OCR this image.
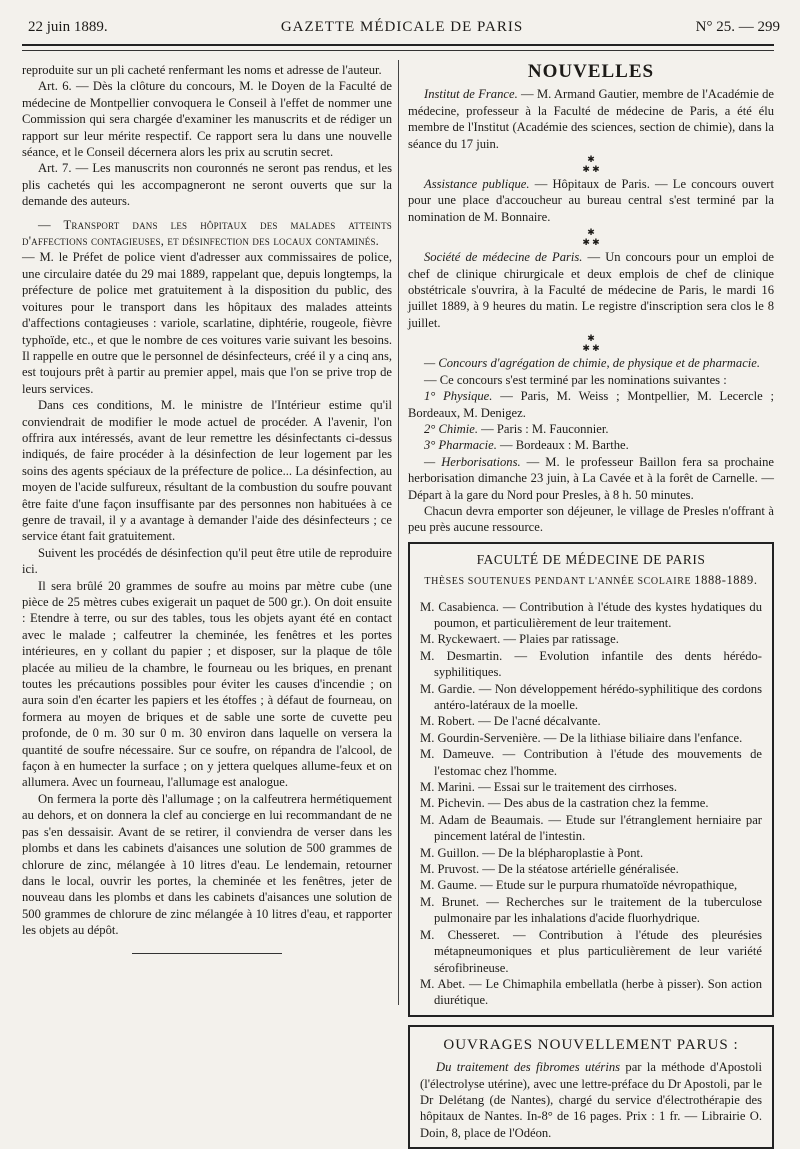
22 juin 1889.	GAZETTE MÉDICALE DE PARIS	N° 25. — 299

reproduite sur un pli cacheté renfermant les noms et adresse de l'auteur.

Art. 6. — Dès la clôture du concours, M. le Doyen de la Faculté de médecine de Montpellier convoquera le Conseil à l'effet de nommer une Commission qui sera chargée d'examiner les manuscrits et de rédiger un rapport sur leur mérite respectif. Ce rapport sera lu dans une nouvelle séance, et le Conseil décernera alors les prix au scrutin secret.

Art. 7. — Les manuscrits non couronnés ne seront pas rendus, et les plis cachetés qui les accompagneront ne seront ouverts que sur la demande des auteurs.

— Transport dans les hôpitaux des malades atteints d'affections contagieuses, et désinfection des locaux contaminés.

— M. le Préfet de police vient d'adresser aux commissaires de police, une circulaire datée du 29 mai 1889, rappelant que, depuis longtemps, la préfecture de police met gratuitement à la disposition du public, des voitures pour le transport dans les hôpitaux des malades atteints d'affections contagieuses : variole, scarlatine, diphtérie, rougeole, fièvre typhoïde, etc., et que le nombre de ces voitures varie suivant les besoins. Il rappelle en outre que le personnel de désinfecteurs, créé il y a cinq ans, est toujours prêt à partir au premier appel, mais que l'on se prive trop de leurs services.

Dans ces conditions, M. le ministre de l'Intérieur estime qu'il conviendrait de modifier le mode actuel de procéder. A l'avenir, l'on offrira aux intéressés, avant de leur remettre les désinfectants ci-dessus indiqués, de faire procéder à la désinfection de leur logement par les soins des agents spéciaux de la préfecture de police... La désinfection, au moyen de l'acide sulfureux, résultant de la combustion du soufre pouvant être faite d'une façon insuffisante par des personnes non habituées à ce genre de travail, il y a avantage à demander l'aide des désinfecteurs ; ce service étant fait gratuitement.

Suivent les procédés de désinfection qu'il peut être utile de reproduire ici.

Il sera brûlé 20 grammes de soufre au moins par mètre cube (une pièce de 25 mètres cubes exigerait un paquet de 500 gr.). On doit ensuite : Etendre à terre, ou sur des tables, tous les objets ayant été en contact avec le malade ; calfeutrer la cheminée, les fenêtres et les portes intérieures, en y collant du papier ; et disposer, sur la plaque de tôle placée au milieu de la chambre, le fourneau ou les briques, en prenant toutes les précautions possibles pour éviter les causes d'incendie ; on aura soin d'en écarter les papiers et les étoffes ; à défaut de fourneau, on formera au moyen de briques et de sable une sorte de cuvette peu profonde, de 0 m. 30 sur 0 m. 30 environ dans laquelle on versera la quantité de soufre nécessaire. Sur ce soufre, on répandra de l'alcool, de façon à en humecter la surface ; on y jettera quelques allume-feux et on allumera. Avec un fourneau, l'allumage est analogue.

On fermera la porte dès l'allumage ; on la calfeutrera hermétiquement au dehors, et on donnera la clef au concierge en lui recommandant de ne pas s'en dessaisir. Avant de se retirer, il conviendra de verser dans les plombs et dans les cabinets d'aisances une solution de 500 grammes de chlorure de zinc, mélangée à 10 litres d'eau. Le lendemain, retourner dans le local, ouvrir les portes, la cheminée et les fenêtres, jeter de nouveau dans les plombs et dans les cabinets d'aisances une solution de 500 grammes de chlorure de zinc mélangée à 10 litres d'eau, et rapporter les objets au dépôt.

NOUVELLES

Institut de France. — M. Armand Gautier, membre de l'Académie de médecine, professeur à la Faculté de médecine de Paris, a été élu membre de l'Institut (Académie des sciences, section de chimie), dans la séance du 17 juin.

✱
✱ ✱

Assistance publique. — Hôpitaux de Paris. — Le concours ouvert pour une place d'accoucheur au bureau central s'est terminé par la nomination de M. Bonnaire.

✱
✱ ✱

Société de médecine de Paris. — Un concours pour un emploi de chef de clinique chirurgicale et deux emplois de chef de clinique obstétricale s'ouvrira, à la Faculté de médecine de Paris, le mardi 16 juillet 1889, à 9 heures du matin. Le registre d'inscription sera clos le 8 juillet.

✱
✱ ✱

— Concours d'agrégation de chimie, de physique et de pharmacie.

— Ce concours s'est terminé par les nominations suivantes :

1° Physique. — Paris, M. Weiss ; Montpellier, M. Lecercle ; Bordeaux, M. Denigez.

2° Chimie. — Paris : M. Fauconnier.

3° Pharmacie. — Bordeaux : M. Barthe.

— Herborisations. — M. le professeur Baillon fera sa prochaine herborisation dimanche 23 juin, à La Cavée et à la forêt de Carnelle. — Départ à la gare du Nord pour Presles, à 8 h. 50 minutes.

Chacun devra emporter son déjeuner, le village de Presles n'offrant à peu près aucune ressource.

FACULTÉ DE MÉDECINE DE PARIS
THÈSES SOUTENUES PENDANT L'ANNÉE SCOLAIRE 1888-1889.

M. Casabienca. — Contribution à l'étude des kystes hydatiques du poumon, et particulièrement de leur traitement.

M. Ryckewaert. — Plaies par ratissage.

M. Desmartin. — Evolution infantile des dents hérédo-syphilitiques.

M. Gardie. — Non développement hérédo-syphilitique des cordons antéro-latéraux de la moelle.

M. Robert. — De l'acné décalvante.

M. Gourdin-Servenière. — De la lithiase biliaire dans l'enfance.

M. Dameuve. — Contribution à l'étude des mouvements de l'estomac chez l'homme.

M. Marini. — Essai sur le traitement des cirrhoses.

M. Pichevin. — Des abus de la castration chez la femme.

M. Adam de Beaumais. — Etude sur l'étranglement herniaire par pincement latéral de l'intestin.

M. Guillon. — De la blépharoplastie à Pont.

M. Pruvost. — De la stéatose artérielle généralisée.

M. Gaume. — Etude sur le purpura rhumatoïde névropathique,

M. Brunet. — Recherches sur le traitement de la tuberculose pulmonaire par les inhalations d'acide fluorhydrique.

M. Chesseret. — Contribution à l'étude des pleurésies métapneumoniques et plus particulièrement de leur variété sérofibrineuse.

M. Abet. — Le Chimaphila embellatla (herbe à pisser). Son action diurétique.

OUVRAGES NOUVELLEMENT PARUS :

Du traitement des fibromes utérins par la méthode d'Apostoli (l'électrolyse utérine), avec une lettre-préface du Dr Apostoli, par le Dr Delétang (de Nantes), chargé du service d'électrothérapie des hôpitaux de Nantes. In-8° de 16 pages. Prix : 1 fr. — Librairie O. Doin, 8, place de l'Odéon.
